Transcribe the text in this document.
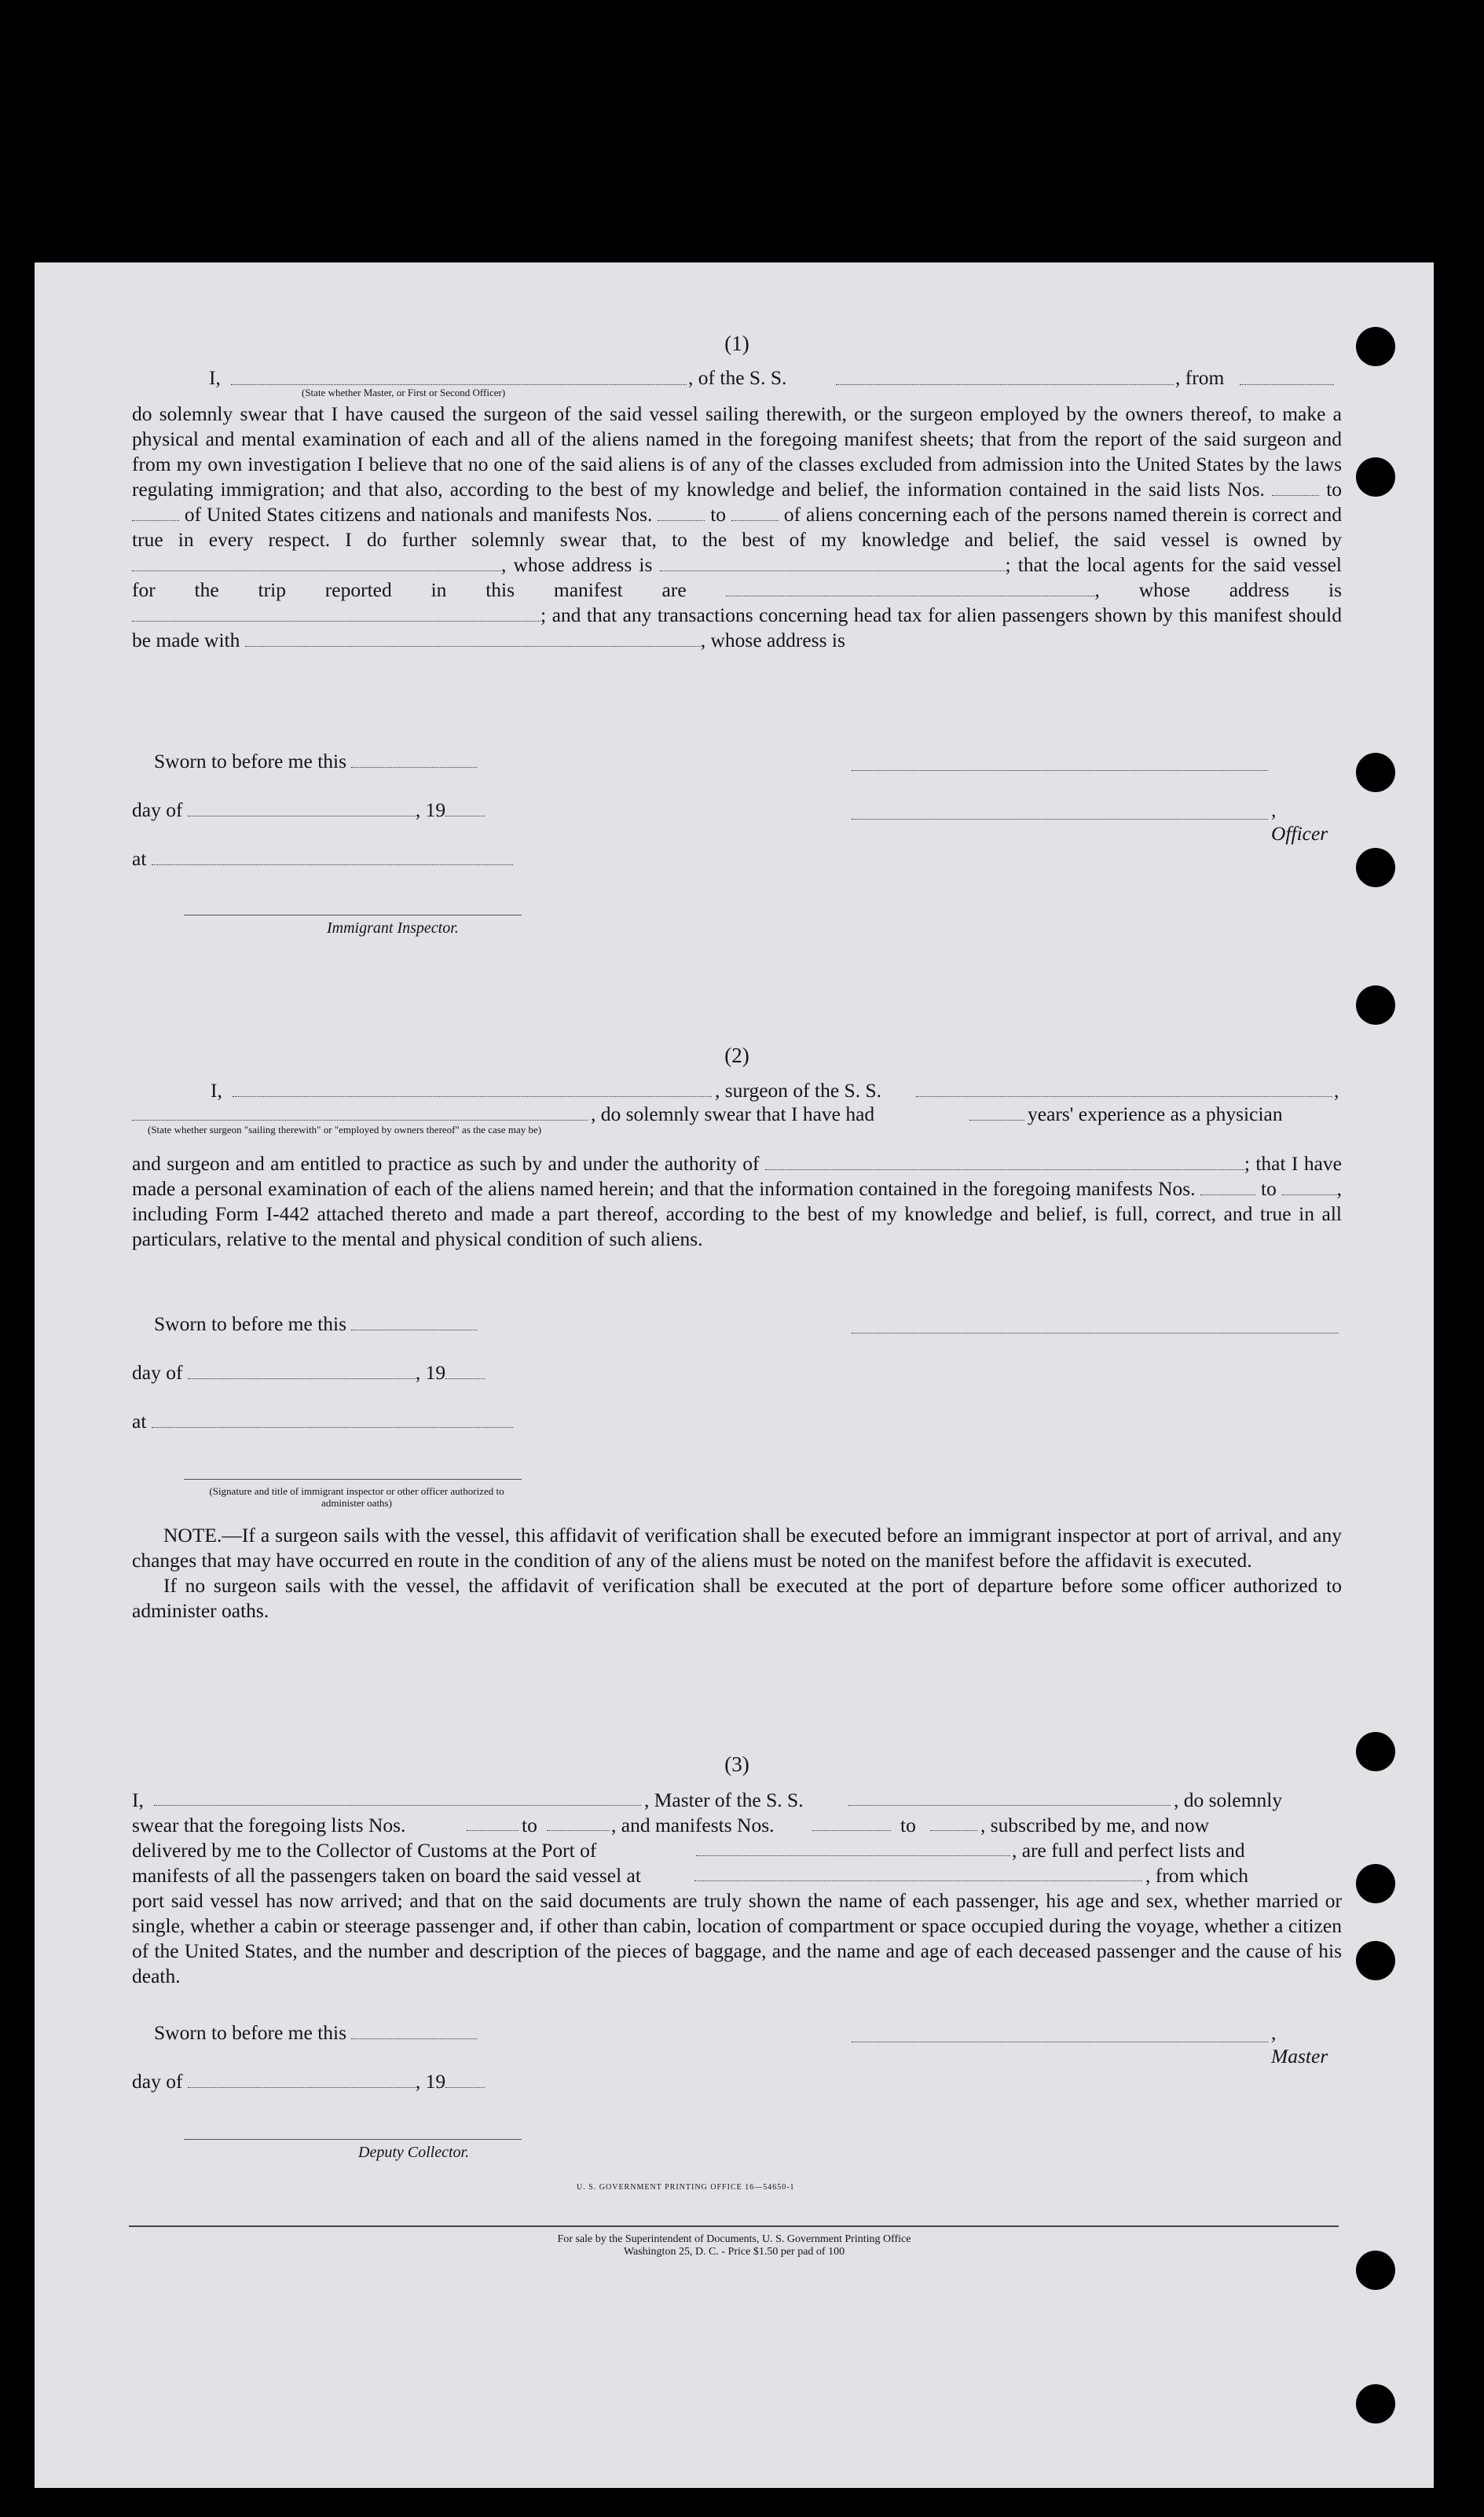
(1)
I,	, of the S. S.	, from
(State whether Master, or First or Second Officer)

do solemnly swear that I have caused the surgeon of the said vessel sailing therewith, or the surgeon employed by the owners thereof, to make a physical and mental examination of each and all of the aliens named in the foregoing manifest sheets; that from the report of the said surgeon and from my own investigation I believe that no one of the said aliens is of any of the classes excluded from admission into the United States by the laws regulating immigration; and that also, according to the best of my knowledge and belief, the information contained in the said lists Nos.	to  of United States citizens and nationals and manifests Nos.	to	of aliens concerning each of the persons named therein is correct and true in every respect. I do further solemnly swear that, to the best of my knowledge and belief, the said vessel is owned by , whose address is	; that the local agents for the said vessel for the trip reported in this manifest are	, whose address is ; and that any transactions concerning head tax for alien passengers shown by this manifest should be made with	, whose address is

Sworn to before me this
day of	, 19	, Officer
at
Immigrant Inspector.
(2)
I,	, surgeon of the S. S.	,
, do solemnly swear that I have had	years' experience as a physician
(State whether surgeon "sailing therewith" or "employed by owners thereof" as the case may be)

and surgeon and am entitled to practice as such by and under the authority of	; that I have made a personal examination of each of the aliens named herein; and that the information contained in the foregoing manifests Nos.	to	, including Form I-442 attached thereto and made a part thereof, according to the best of my knowledge and belief, is full, correct, and true in all particulars, relative to the mental and physical condition of such aliens.

Sworn to before me this
day of	, 19
at
(Signature and title of immigrant inspector or other officer authorized to administer oaths)

NOTE.—If a surgeon sails with the vessel, this affidavit of verification shall be executed before an immigrant inspector at port of arrival, and any changes that may have occurred en route in the condition of any of the aliens must be noted on the manifest before the affidavit is executed.

If no surgeon sails with the vessel, the affidavit of verification shall be executed at the port of departure before some officer authorized to administer oaths.

(3)
I,	, Master of the S. S.	, do solemnly
swear that the foregoing lists Nos.	to	, and manifests Nos.	to	, subscribed by me, and now
delivered by me to the Collector of Customs at the Port of	, are full and perfect lists and
manifests of all the passengers taken on board the said vessel at	, from which

port said vessel has now arrived; and that on the said documents are truly shown the name of each passenger, his age and sex, whether married or single, whether a cabin or steerage passenger and, if other than cabin, location of compartment or space occupied during the voyage, whether a citizen of the United States, and the number and description of the pieces of baggage, and the name and age of each deceased passenger and the cause of his death.

Sworn to before me this	, Master
day of	, 19
Deputy Collector.
U. S. GOVERNMENT PRINTING OFFICE 16—54650-1
For sale by the Superintendent of Documents, U. S. Government Printing Office
Washington 25, D. C. - Price $1.50 per pad of 100
